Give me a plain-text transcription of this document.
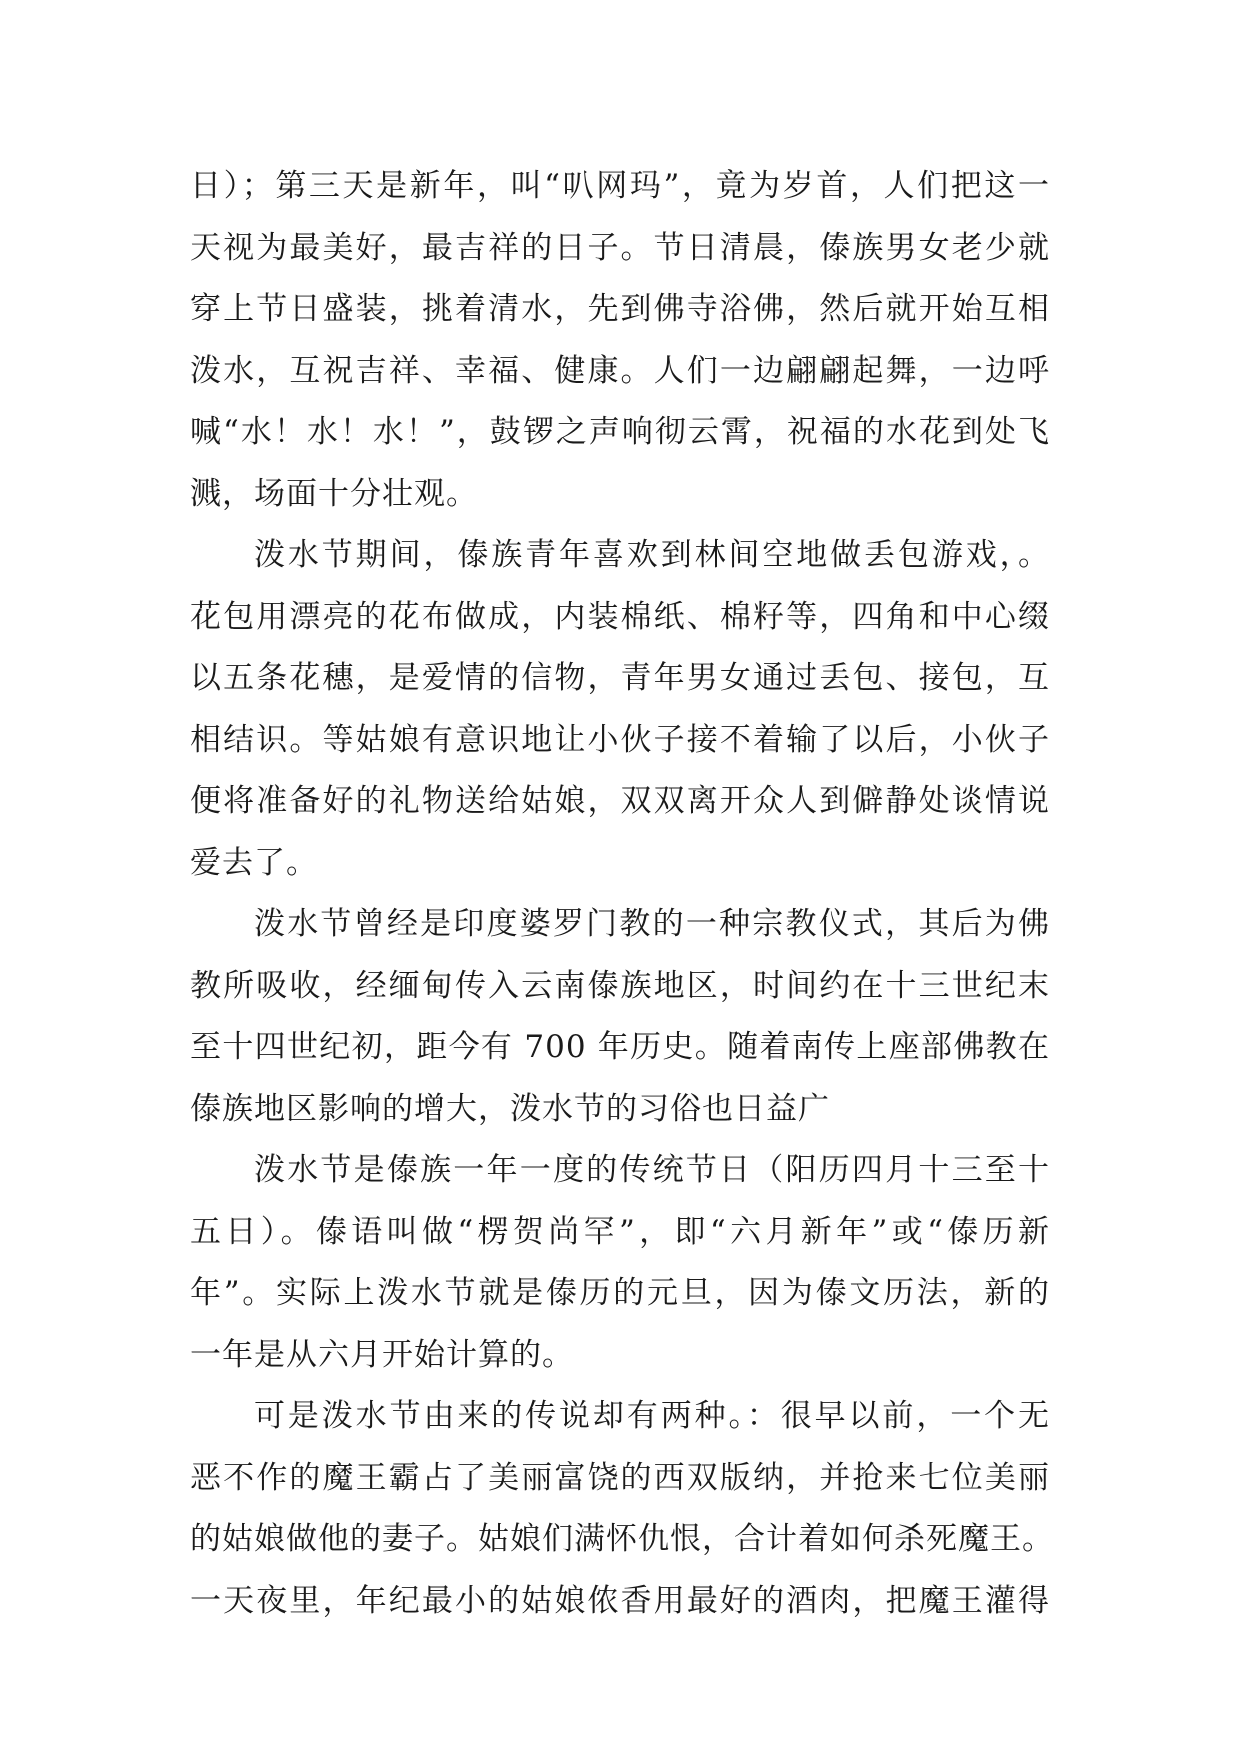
日）；第三天是新年，叫“叭网玛”，竟为岁首，人们把这一
天视为最美好，最吉祥的日子。节日清晨，傣族男女老少就
穿上节日盛装，挑着清水，先到佛寺浴佛，然后就开始互相
泼水，互祝吉祥、幸福、健康。人们一边翩翩起舞，一边呼
喊“水！水！水！”，鼓锣之声响彻云霄，祝福的水花到处飞
溅，场面十分壮观。

泼水节期间，傣族青年喜欢到林间空地做丢包游戏，。
花包用漂亮的花布做成，内装棉纸、棉籽等，四角和中心缀
以五条花穗，是爱情的信物，青年男女通过丢包、接包，互
相结识。等姑娘有意识地让小伙子接不着输了以后，小伙子
便将准备好的礼物送给姑娘，双双离开众人到僻静处谈情说
爱去了。

泼水节曾经是印度婆罗门教的一种宗教仪式，其后为佛
教所吸收，经缅甸传入云南傣族地区，时间约在十三世纪末
至十四世纪初，距今有 700 年历史。随着南传上座部佛教在
傣族地区影响的增大，泼水节的习俗也日益广

泼水节是傣族一年一度的传统节日（阳历四月十三至十
五日）。傣语叫做“楞贺尚罕”，即“六月新年”或“傣历新
年”。实际上泼水节就是傣历的元旦，因为傣文历法，新的
一年是从六月开始计算的。

可是泼水节由来的传说却有两种。：很早以前，一个无
恶不作的魔王霸占了美丽富饶的西双版纳，并抢来七位美丽
的姑娘做他的妻子。姑娘们满怀仇恨，合计着如何杀死魔王。
一天夜里，年纪最小的姑娘侬香用最好的酒肉，把魔王灌得
